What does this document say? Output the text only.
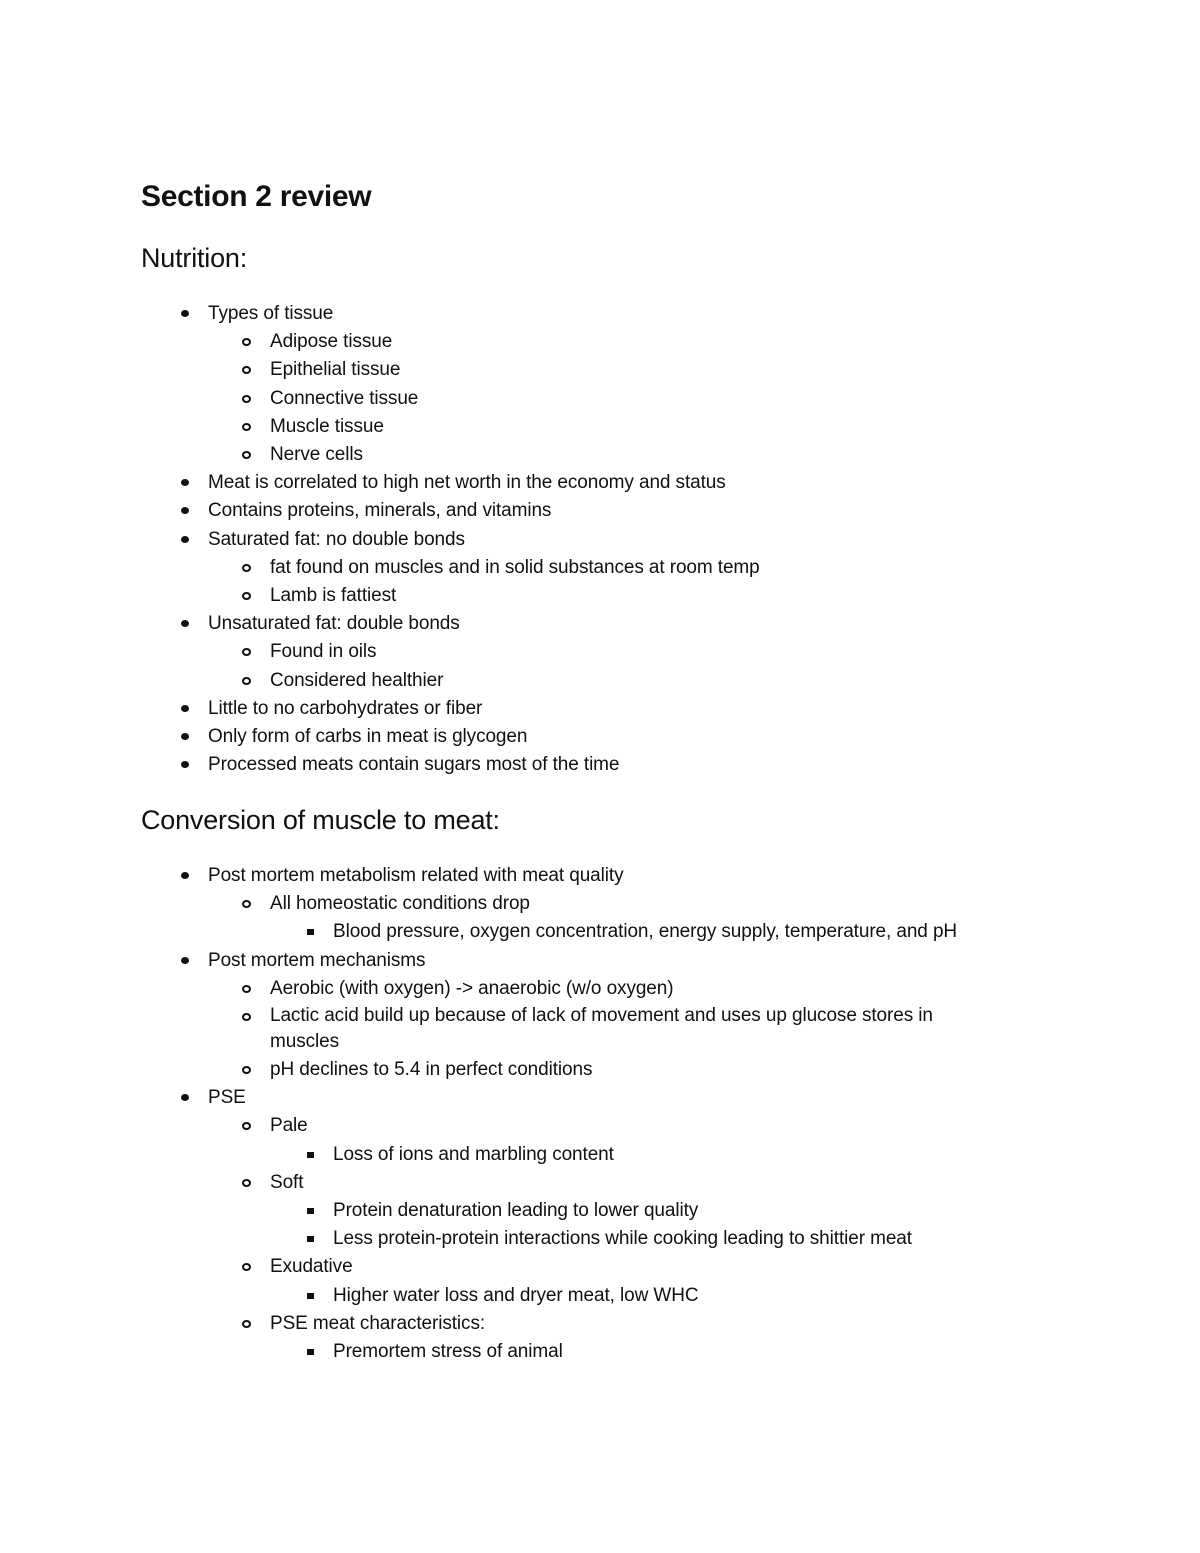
Section 2 review
Nutrition:
Types of tissue
Adipose tissue
Epithelial tissue
Connective tissue
Muscle tissue
Nerve cells
Meat is correlated to high net worth in the economy and status
Contains proteins, minerals, and vitamins
Saturated fat: no double bonds
fat found on muscles and in solid substances at room temp
Lamb is fattiest
Unsaturated fat: double bonds
Found in oils
Considered healthier
Little to no carbohydrates or fiber
Only form of carbs in meat is glycogen
Processed meats contain sugars most of the time
Conversion of muscle to meat:
Post mortem metabolism related with meat quality
All homeostatic conditions drop
Blood pressure, oxygen concentration, energy supply, temperature, and pH
Post mortem mechanisms
Aerobic (with oxygen) -> anaerobic (w/o oxygen)
Lactic acid build up because of lack of movement and uses up glucose stores in muscles
pH declines to 5.4 in perfect conditions
PSE
Pale
Loss of ions and marbling content
Soft
Protein denaturation leading to lower quality
Less protein-protein interactions while cooking leading to shittier meat
Exudative
Higher water loss and dryer meat, low WHC
PSE meat characteristics:
Premortem stress of animal
